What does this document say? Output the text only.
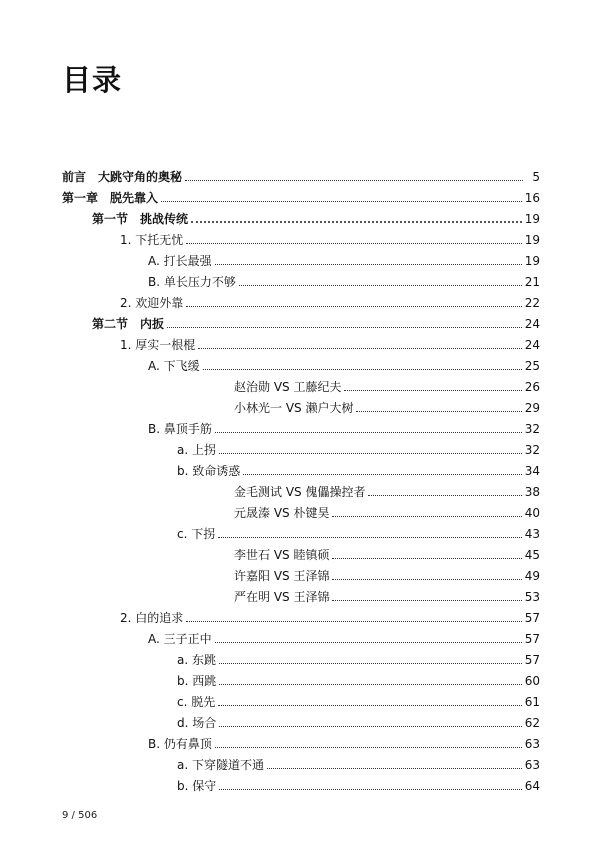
目录
前言　大跳守角的奥秘	5
第一章　脱先靠入	16
第一节　挑战传统	19
1. 下托无忧	19
A. 打长最强	19
B. 单长压力不够	21
2. 欢迎外靠	22
第二节　内扳	24
1. 厚实一根棍	24
A. 下飞缓	25
赵治勋 VS 工藤纪夫	26
小林光一 VS 濑户大树	29
B. 鼻顶手筋	32
a. 上拐	32
b. 致命诱惑	34
金毛测试 VS 傀儡操控者	38
元晟溱 VS 朴键昊	40
c. 下拐	43
李世石 VS 睦镇硕	45
许嘉阳 VS 王泽锦	49
严在明 VS 王泽锦	53
2. 白的追求	57
A. 三子正中	57
a. 东跳	57
b. 西跳	60
c. 脱先	61
d. 场合	62
B. 仍有鼻顶	63
a. 下穿隧道不通	63
b. 保守	64
9 / 506
